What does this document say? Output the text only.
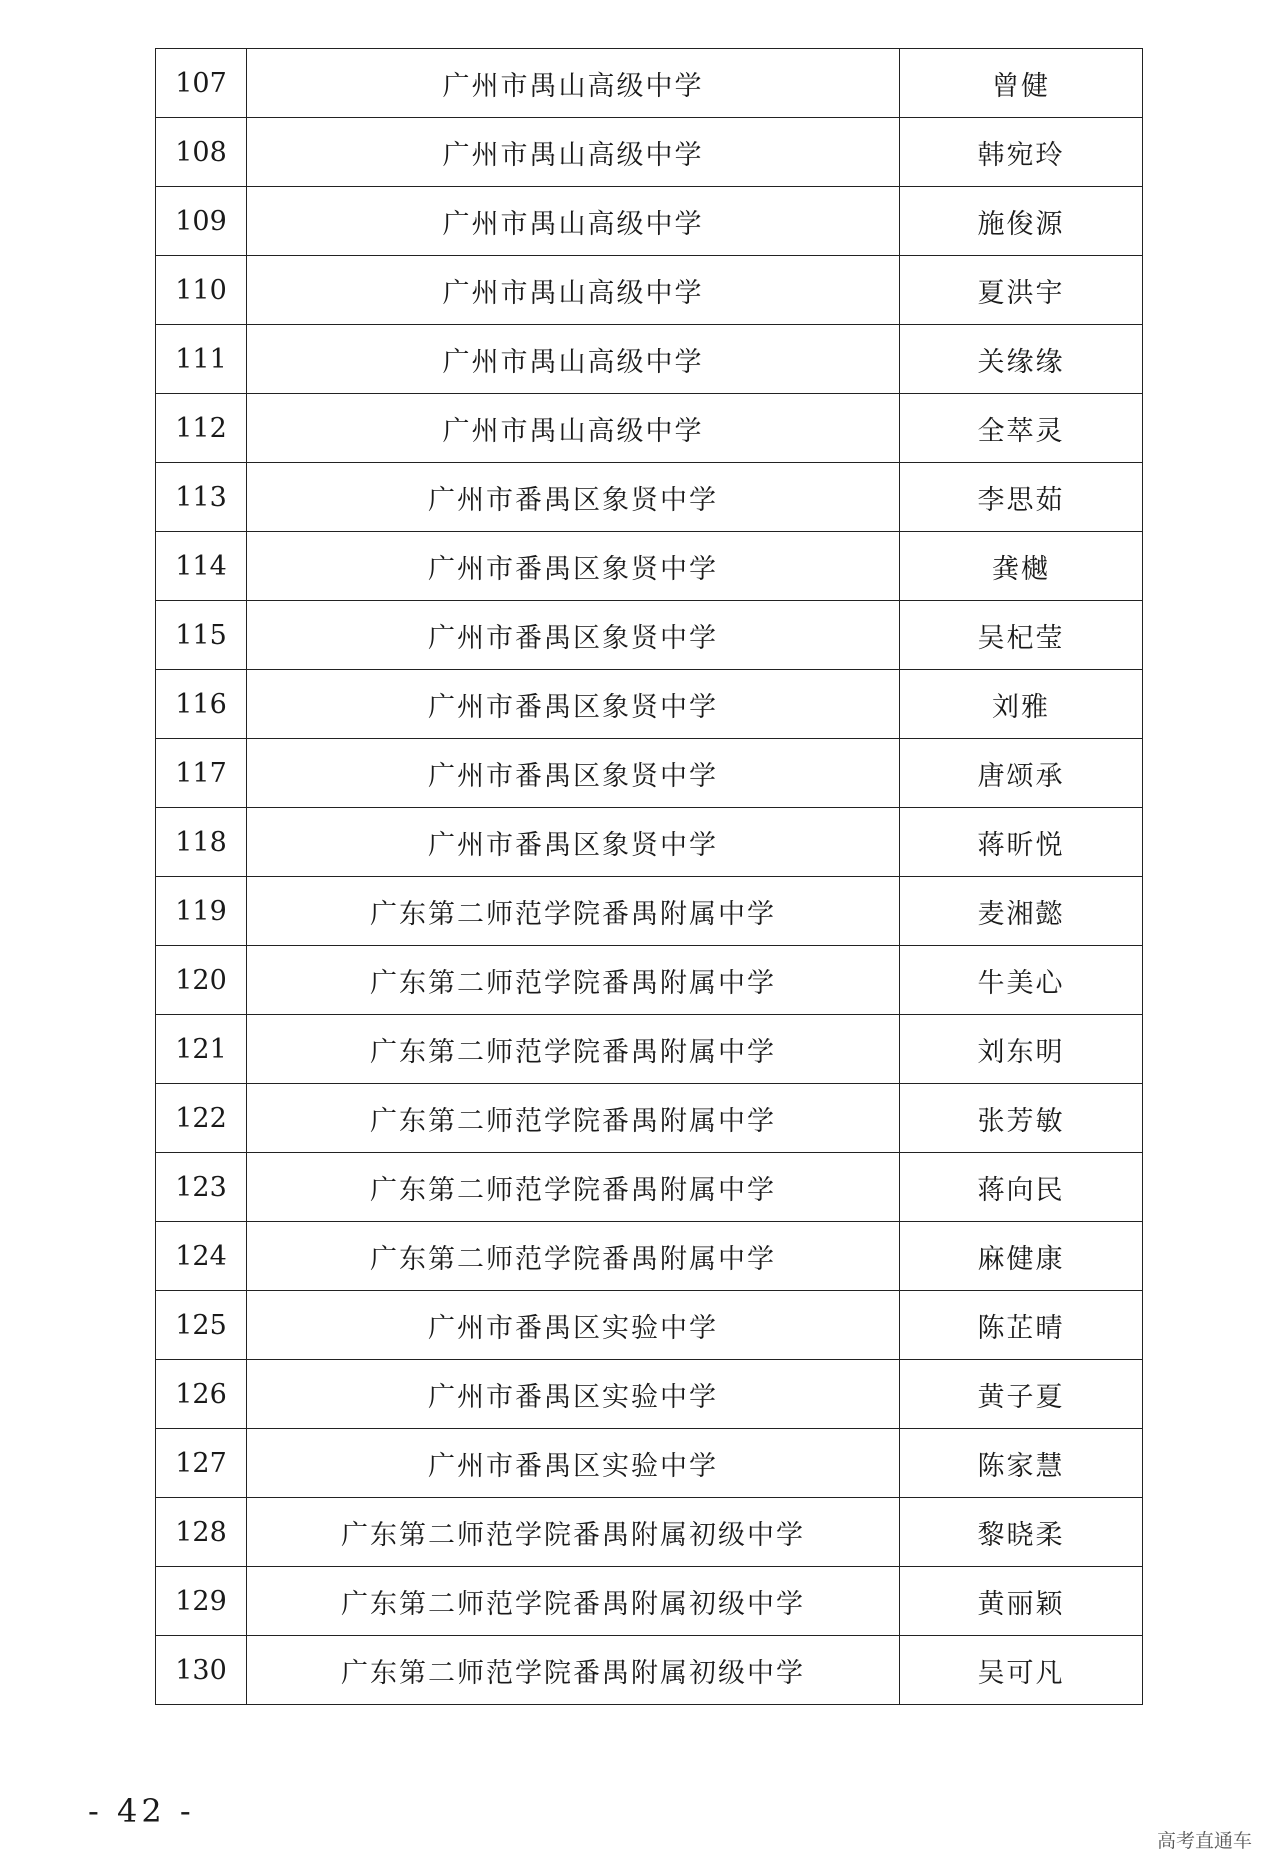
107	广州市禺山高级中学	曾健
108	广州市禺山高级中学	韩宛玲
109	广州市禺山高级中学	施俊源
110	广州市禺山高级中学	夏洪宇
111	广州市禺山高级中学	关缘缘
112	广州市禺山高级中学	全萃灵
113	广州市番禺区象贤中学	李思茹
114	广州市番禺区象贤中学	龚樾
115	广州市番禺区象贤中学	吴杞莹
116	广州市番禺区象贤中学	刘雅
117	广州市番禺区象贤中学	唐颂承
118	广州市番禺区象贤中学	蒋昕悦
119	广东第二师范学院番禺附属中学	麦湘懿
120	广东第二师范学院番禺附属中学	牛美心
121	广东第二师范学院番禺附属中学	刘东明
122	广东第二师范学院番禺附属中学	张芳敏
123	广东第二师范学院番禺附属中学	蒋向民
124	广东第二师范学院番禺附属中学	麻健康
125	广州市番禺区实验中学	陈芷晴
126	广州市番禺区实验中学	黄子夏
127	广州市番禺区实验中学	陈家慧
128	广东第二师范学院番禺附属初级中学	黎晓柔
129	广东第二师范学院番禺附属初级中学	黄丽颖
130	广东第二师范学院番禺附属初级中学	吴可凡
- 42 -
高考直通车
